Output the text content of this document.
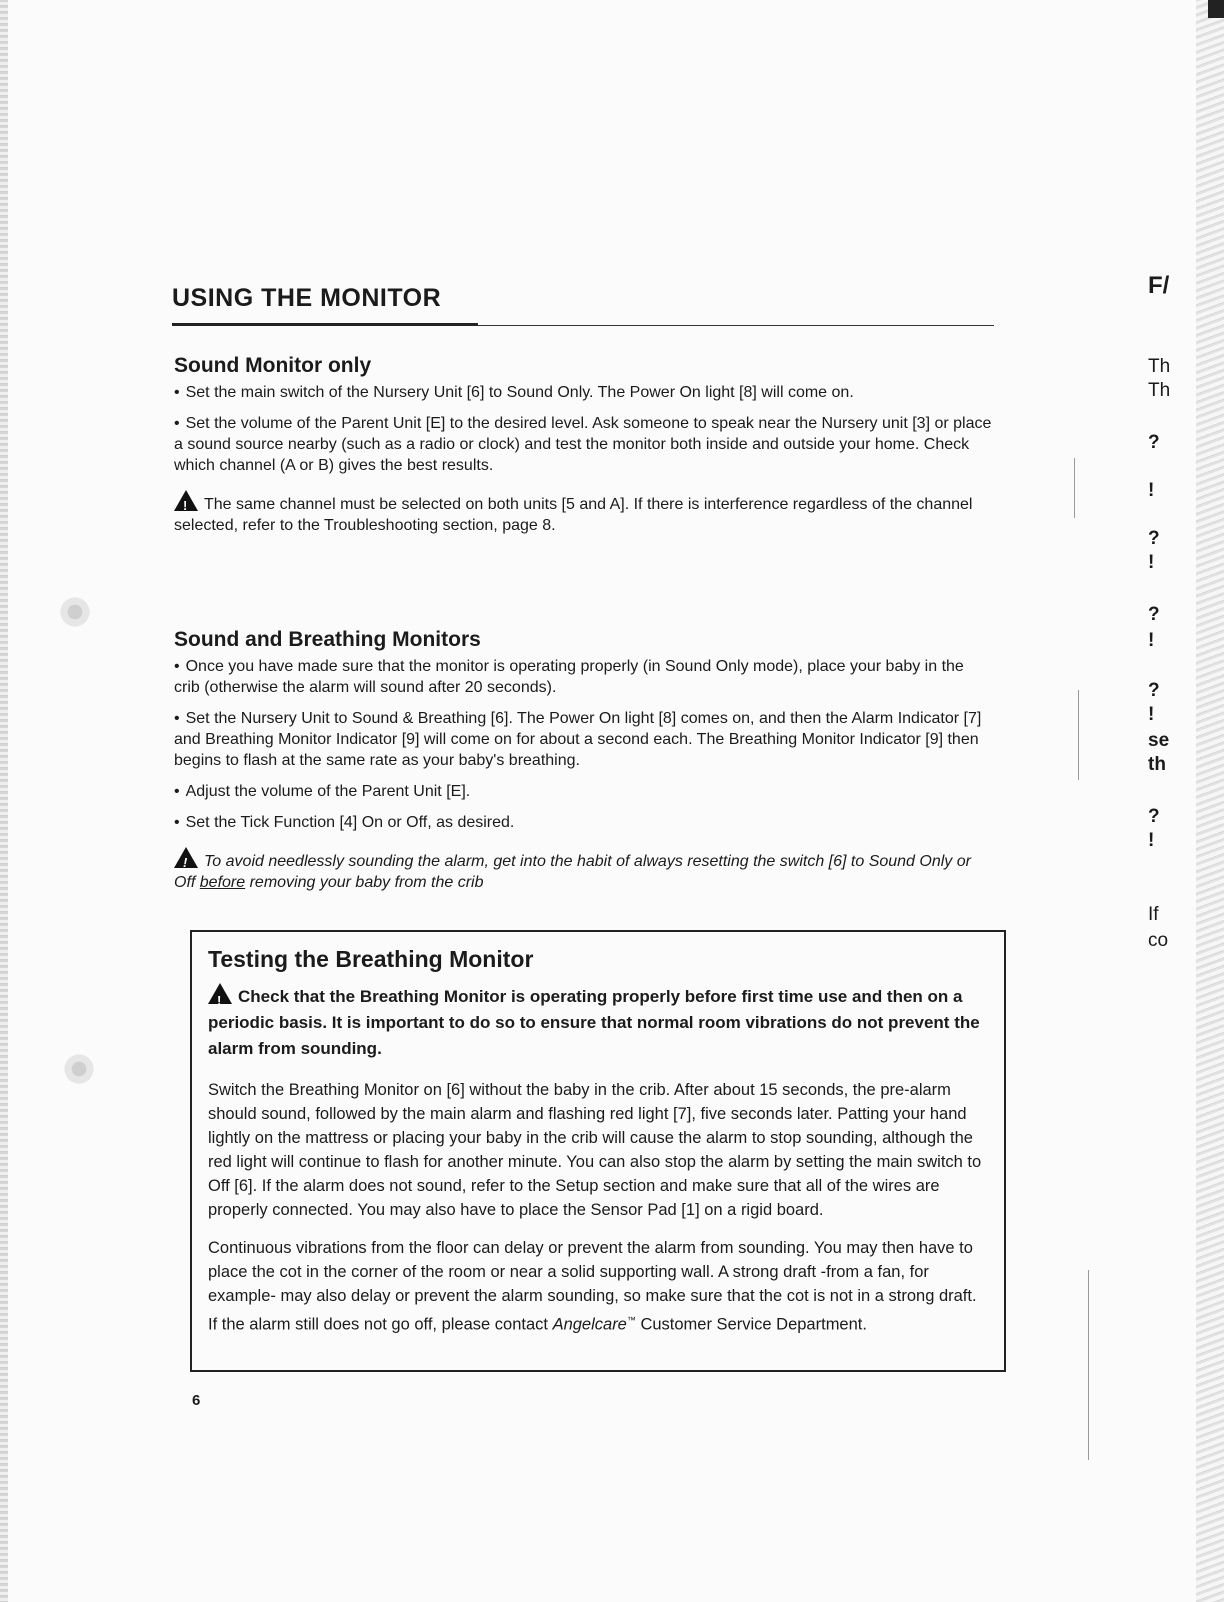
USING THE MONITOR
Sound Monitor only

• Set the main switch of the Nursery Unit [6] to Sound Only. The Power On light [8] will come on.

• Set the volume of the Parent Unit [E] to the desired level. Ask someone to speak near the Nursery unit [3] or place a sound source nearby (such as a radio or clock) and test the monitor both inside and outside your home. Check which channel (A or B) gives the best results.

!The same channel must be selected on both units [5 and A]. If there is interference regardless of the channel selected, refer to the Troubleshooting section, page 8.

Sound and Breathing Monitors

• Once you have made sure that the monitor is operating properly (in Sound Only mode), place your baby in the crib (otherwise the alarm will sound after 20 seconds).

• Set the Nursery Unit to Sound & Breathing [6]. The Power On light [8] comes on, and then the Alarm Indicator [7] and Breathing Monitor Indicator [9] will come on for about a second each. The Breathing Monitor Indicator [9] then begins to flash at the same rate as your baby's breathing.

• Adjust the volume of the Parent Unit [E].

• Set the Tick Function [4] On or Off, as desired.

!To avoid needlessly sounding the alarm, get into the habit of always resetting the switch [6] to Sound Only or Off before removing your baby from the crib

Testing the Breathing Monitor
!Check that the Breathing Monitor is operating properly before first time use and then on a periodic basis. It is important to do so to ensure that normal room vibrations do not prevent the alarm from sounding.

Switch the Breathing Monitor on [6] without the baby in the crib. After about 15 seconds, the pre-alarm should sound, followed by the main alarm and flashing red light [7], five seconds later. Patting your hand lightly on the mattress or placing your baby in the crib will cause the alarm to stop sounding, although the red light will continue to flash for another minute. You can also stop the alarm by setting the main switch to Off [6]. If the alarm does not sound, refer to the Setup section and make sure that all of the wires are properly connected. You may also have to place the Sensor Pad [1] on a rigid board.

Continuous vibrations from the floor can delay or prevent the alarm from sounding. You may then have to place the cot in the corner of the room or near a solid supporting wall. A strong draft -from a fan, for example- may also delay or prevent the alarm sounding, so make sure that the cot is not in a strong draft. If the alarm still does not go off, please contact Angelcare™ Customer Service Department.

6
F/
Th
Th
?
!
?
!
?
!
?
!
se
th
?
!
If
co
